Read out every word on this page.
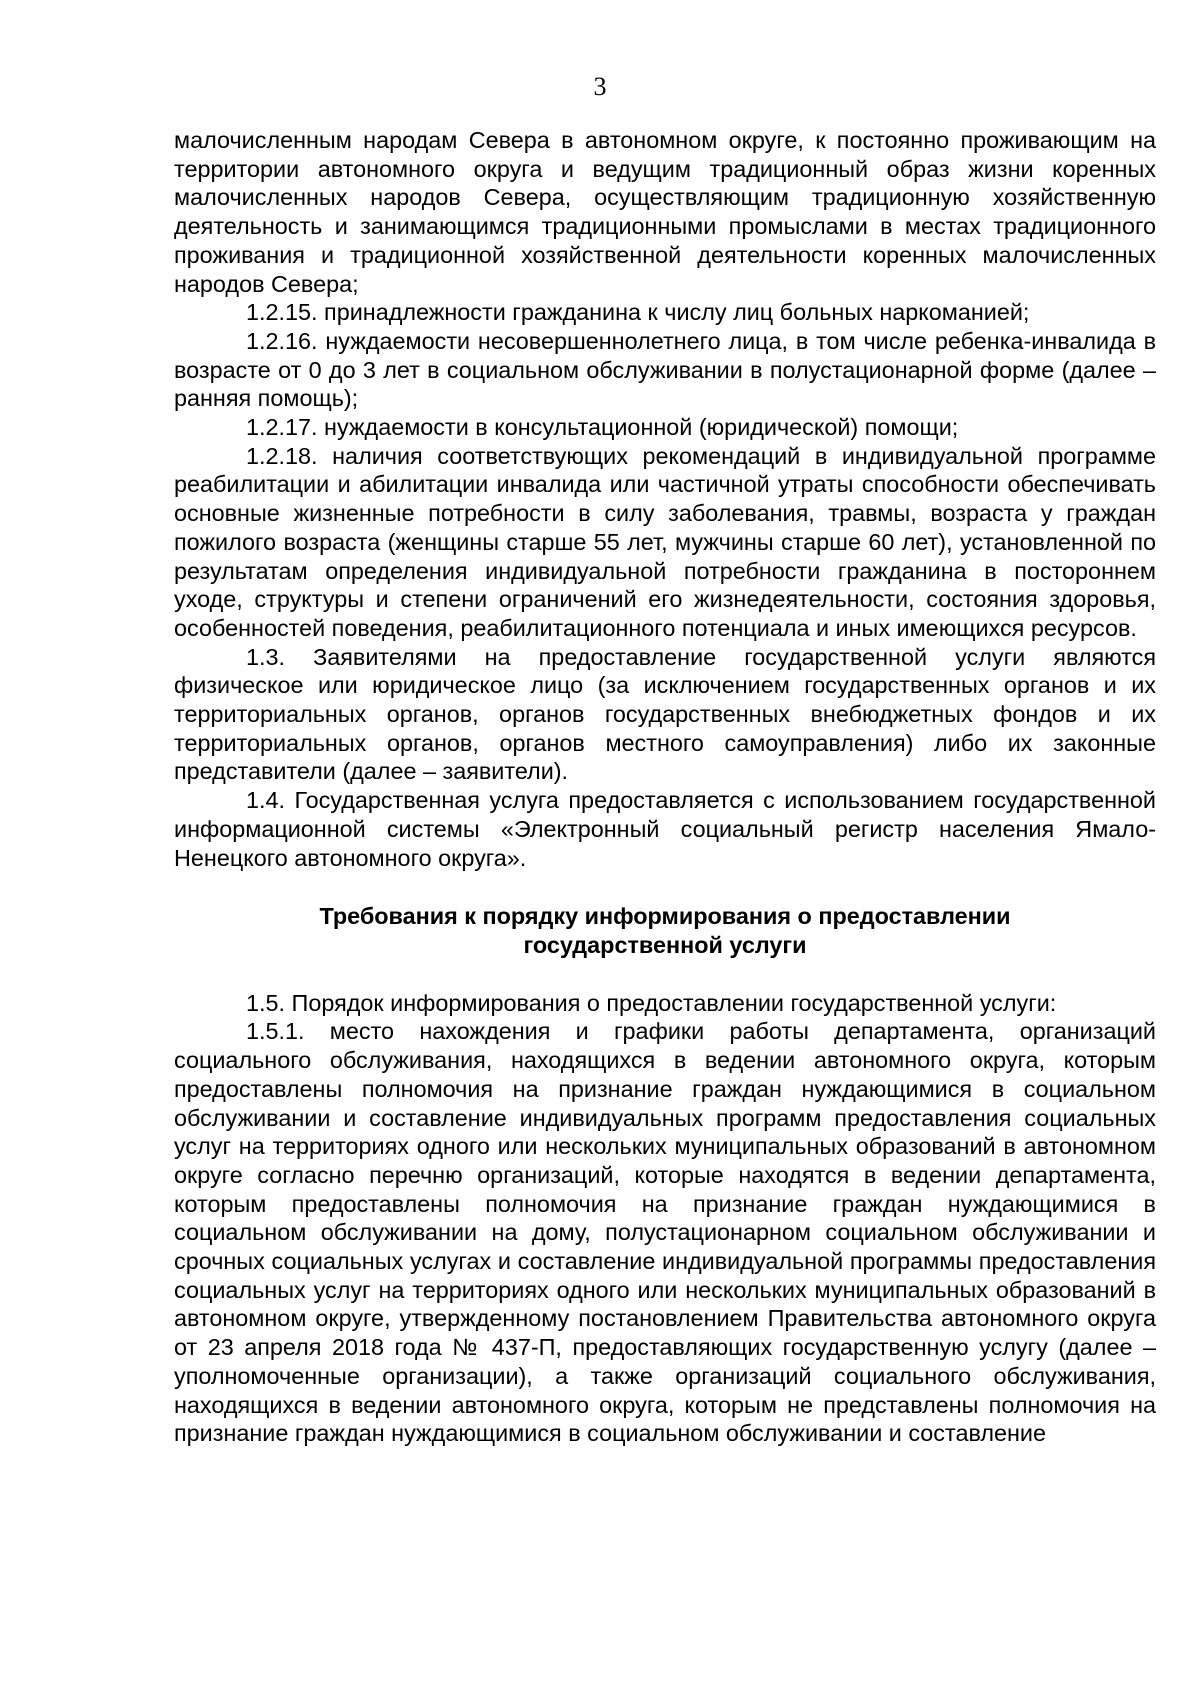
3

малочисленным народам Севера в автономном округе, к постоянно проживающим на территории автономного округа и ведущим традиционный образ жизни коренных малочисленных народов Севера, осуществляющим традиционную хозяйственную деятельность и занимающимся традиционными промыслами в местах традиционного проживания и традиционной хозяйственной деятельности коренных малочисленных народов Севера;

1.2.15. принадлежности гражданина к числу лиц больных наркоманией;

1.2.16. нуждаемости несовершеннолетнего лица, в том числе ребенка-инвалида в возрасте от 0 до 3 лет в социальном обслуживании в полустационарной форме (далее – ранняя помощь);

1.2.17. нуждаемости в консультационной (юридической) помощи;

1.2.18. наличия соответствующих рекомендаций в индивидуальной программе реабилитации и абилитации инвалида или частичной утраты способности обеспечивать основные жизненные потребности в силу заболевания, травмы, возраста у граждан пожилого возраста (женщины старше 55 лет, мужчины старше 60 лет), установленной по результатам определения индивидуальной потребности гражданина в постороннем уходе, структуры и степени ограничений его жизнедеятельности, состояния здоровья, особенностей поведения, реабилитационного потенциала и иных имеющихся ресурсов.

1.3. Заявителями на предоставление государственной услуги являются физическое или юридическое лицо (за исключением государственных органов и их территориальных органов, органов государственных внебюджетных фондов и их территориальных органов, органов местного самоуправления) либо их законные представители (далее – заявители).

1.4. Государственная услуга предоставляется с использованием государственной информационной системы «Электронный социальный регистр населения Ямало-Ненецкого автономного округа».

Требования к порядку информирования о предоставлении
государственной услуги

1.5. Порядок информирования о предоставлении государственной услуги:

1.5.1. место нахождения и графики работы департамента, организаций социального обслуживания, находящихся в ведении автономного округа, которым предоставлены полномочия на признание граждан нуждающимися в социальном обслуживании и составление индивидуальных программ предоставления социальных услуг на территориях одного или нескольких муниципальных образований в автономном округе согласно перечню организаций, которые находятся в ведении департамента, которым предоставлены полномочия на признание граждан нуждающимися в социальном обслуживании на дому, полустационарном социальном обслуживании и срочных социальных услугах и составление индивидуальной программы предоставления социальных услуг на территориях одного или нескольких муниципальных образований в автономном округе, утвержденному постановлением Правительства автономного округа от 23 апреля 2018 года № 437-П, предоставляющих государственную услугу (далее – уполномоченные организации), а также организаций социального обслуживания, находящихся в ведении автономного округа, которым не представлены полномочия на признание граждан нуждающимися в социальном обслуживании и составление
